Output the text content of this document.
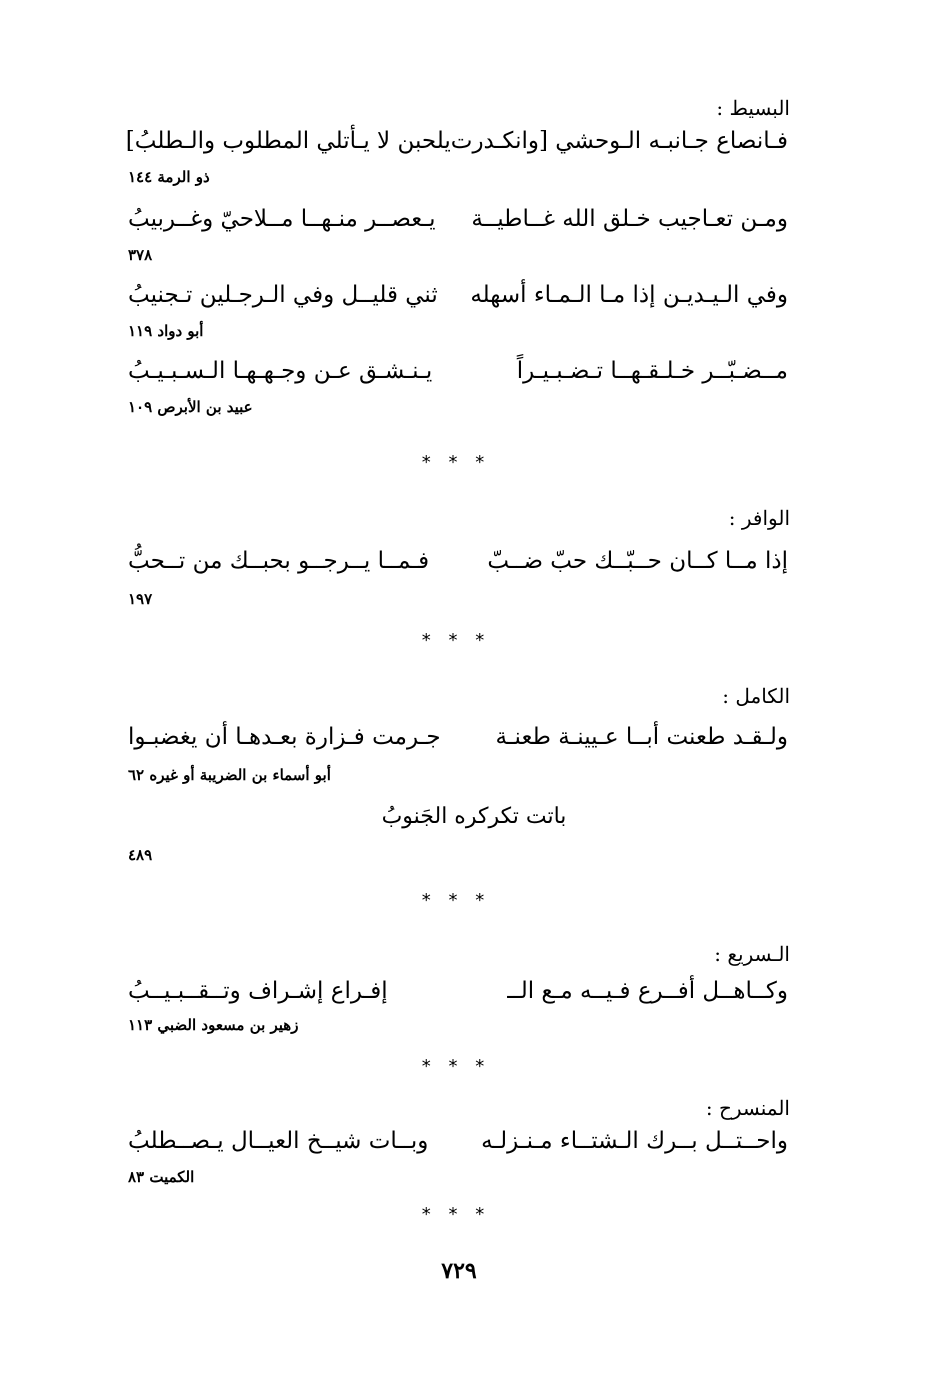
البسيط :
فـانصاع جـانبـه الـوحشي [وانكـدرت
يلحبن لا يـأتلي المطلوب والـطلبُ]
ذو الرمة ١٤٤
ومـن تعـاجيب خـلق الله غــاطيــة
يـعصــر منـهــا مــلاحيّ وغــربيبُ
٣٧٨
وفي الـيـديـن إذا مـا الـمـاء أسهله
ثني قليــل وفي الـرجـلين تـجنيبُ
أبو دواد ١١٩
مــضـبّــر خـلـقـهــا تـضـبـيـراً
يـنـشـق عـن وجـهـهـا الـسـبـيـبُ
عبيد بن الأبرص ١٠٩
* * *
الوافر :
إذا مــا كــان حــبّــك حبّ ضــبّ
فـمــا يــرجــو بحبــك من تــحبُّ
١٩٧
* * *
الكامل :
ولـقـد طعنت أبــا عـيينـة طعنـة
جـرمت فـزارة بعـدهـا أن يغضبـوا
أبو أسماء بن الضريبة أو غيره ٦٢
باتت تكركره الجَنوبُ
٤٨٩
* * *
الـسريع :
وكــاهــل أفــرع فـيــه مـع الــ
إفـراع إشـراف وتــقــبـيــبُ
زهير بن مسعود الضبي ١١٣
* * *
المنسرح :
واحــتــل بــرك الـشتــاء مـنـزلـه
وبــات شيــخ العيــال يـصــطلبُ
الكميت ٨٣
* * *
٧٢٩
